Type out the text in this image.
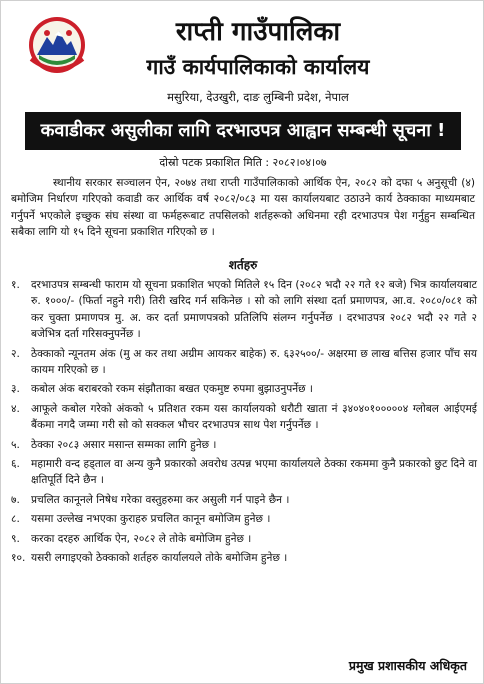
राप्ती गाउँपालिका
गाउँ कार्यपालिकाको कार्यालय
मसुरिया, देउखुरी, दाङ लुम्बिनी प्रदेश, नेपाल
कवाडीकर असुलीका लागि दरभाउपत्र आह्वान सम्बन्धी सूचना !
दोस्रो पटक प्रकाशित मिति : २०८२।०४।०७
स्थानीय सरकार सञ्चालन ऐन, २०७४ तथा राप्ती गाउँपालिकाको आर्थिक ऐन, २०८२ को दफा ५ अनुसूची (४) बमोजिम निर्धारण गरिएको कवाडी कर आर्थिक वर्ष २०८२/०८३ मा यस कार्यालयबाट उठाउने कार्य ठेक्काका माध्यमबाट गर्नुपर्ने भएकोले इच्छुक संघ संस्था वा फर्महरूबाट तपसिलको शर्तहरूको अधिनमा रही दरभाउपत्र पेश गर्नुहुन सम्बन्धित सबैका लागि यो १५ दिने सूचना प्रकाशित गरिएको छ ।
शर्तहरु
१.	दरभाउपत्र सम्बन्धी फाराम यो सूचना प्रकाशित भएको मितिले १५ दिन (२०८२ भदौ २२ गते १२ बजे) भित्र कार्यालयबाट रु. १०००/- (फिर्ता नहुने गरी) तिरी खरिद गर्न सकिनेछ । सो को लागि संस्था दर्ता प्रमाणपत्र, आ.व. २०८०/०८१ को कर चुक्ता प्रमाणपत्र मु. अ. कर दर्ता प्रमाणपत्रको प्रतिलिपि संलग्न गर्नुपर्नेछ । दरभाउपत्र २०८२ भदौ २२ गते २ बजेभित्र दर्ता गरिसक्नुपर्नेछ ।
२.	ठेक्काको न्यूनतम अंक (मु अ कर तथा अग्रीम आयकर बाहेक) रु. ६३२५००/- अक्षरमा छ लाख बत्तिस हजार पाँच सय कायम गरिएको छ ।
३.	कबोल अंक बराबरको रकम संझौताका बखत एकमुष्ट रुपमा बुझाउनुपर्नेछ ।
४.	आफूले कबोल गरेको अंकको ५ प्रतिशत रकम यस कार्यालयको धरौटी खाता नं ३४०४०१०००००४ ग्लोबल आईएमई बैंकमा नगदै जम्मा गरी सो को सक्कल भौचर दरभाउपत्र साथ पेश गर्नुपर्नेछ ।
५.	ठेक्का २०८३ असार मसान्त सम्मका लागि हुनेछ ।
६.	महामारी वन्द हड्ताल वा अन्य कुनै प्रकारको अवरोध उत्पन्न भएमा कार्यालयले ठेक्का रकममा कुनै प्रकारको छुट दिने वा क्षतिपूर्ति दिने छैन ।
७.	प्रचलित कानूनले निषेध गरेका वस्तुहरुमा कर असुली गर्न पाइने छैन ।
८.	यसमा उल्लेख नभएका कुराहरु प्रचलित कानून बमोजिम हुनेछ ।
९.	करका दरहरु आर्थिक ऐन, २०८२ ले तोके बमोजिम हुनेछ ।
१०. यसरी लगाइएको ठेक्काको शर्तहरु कार्यालयले तोके बमोजिम हुनेछ ।
प्रमुख प्रशासकीय अधिकृत
